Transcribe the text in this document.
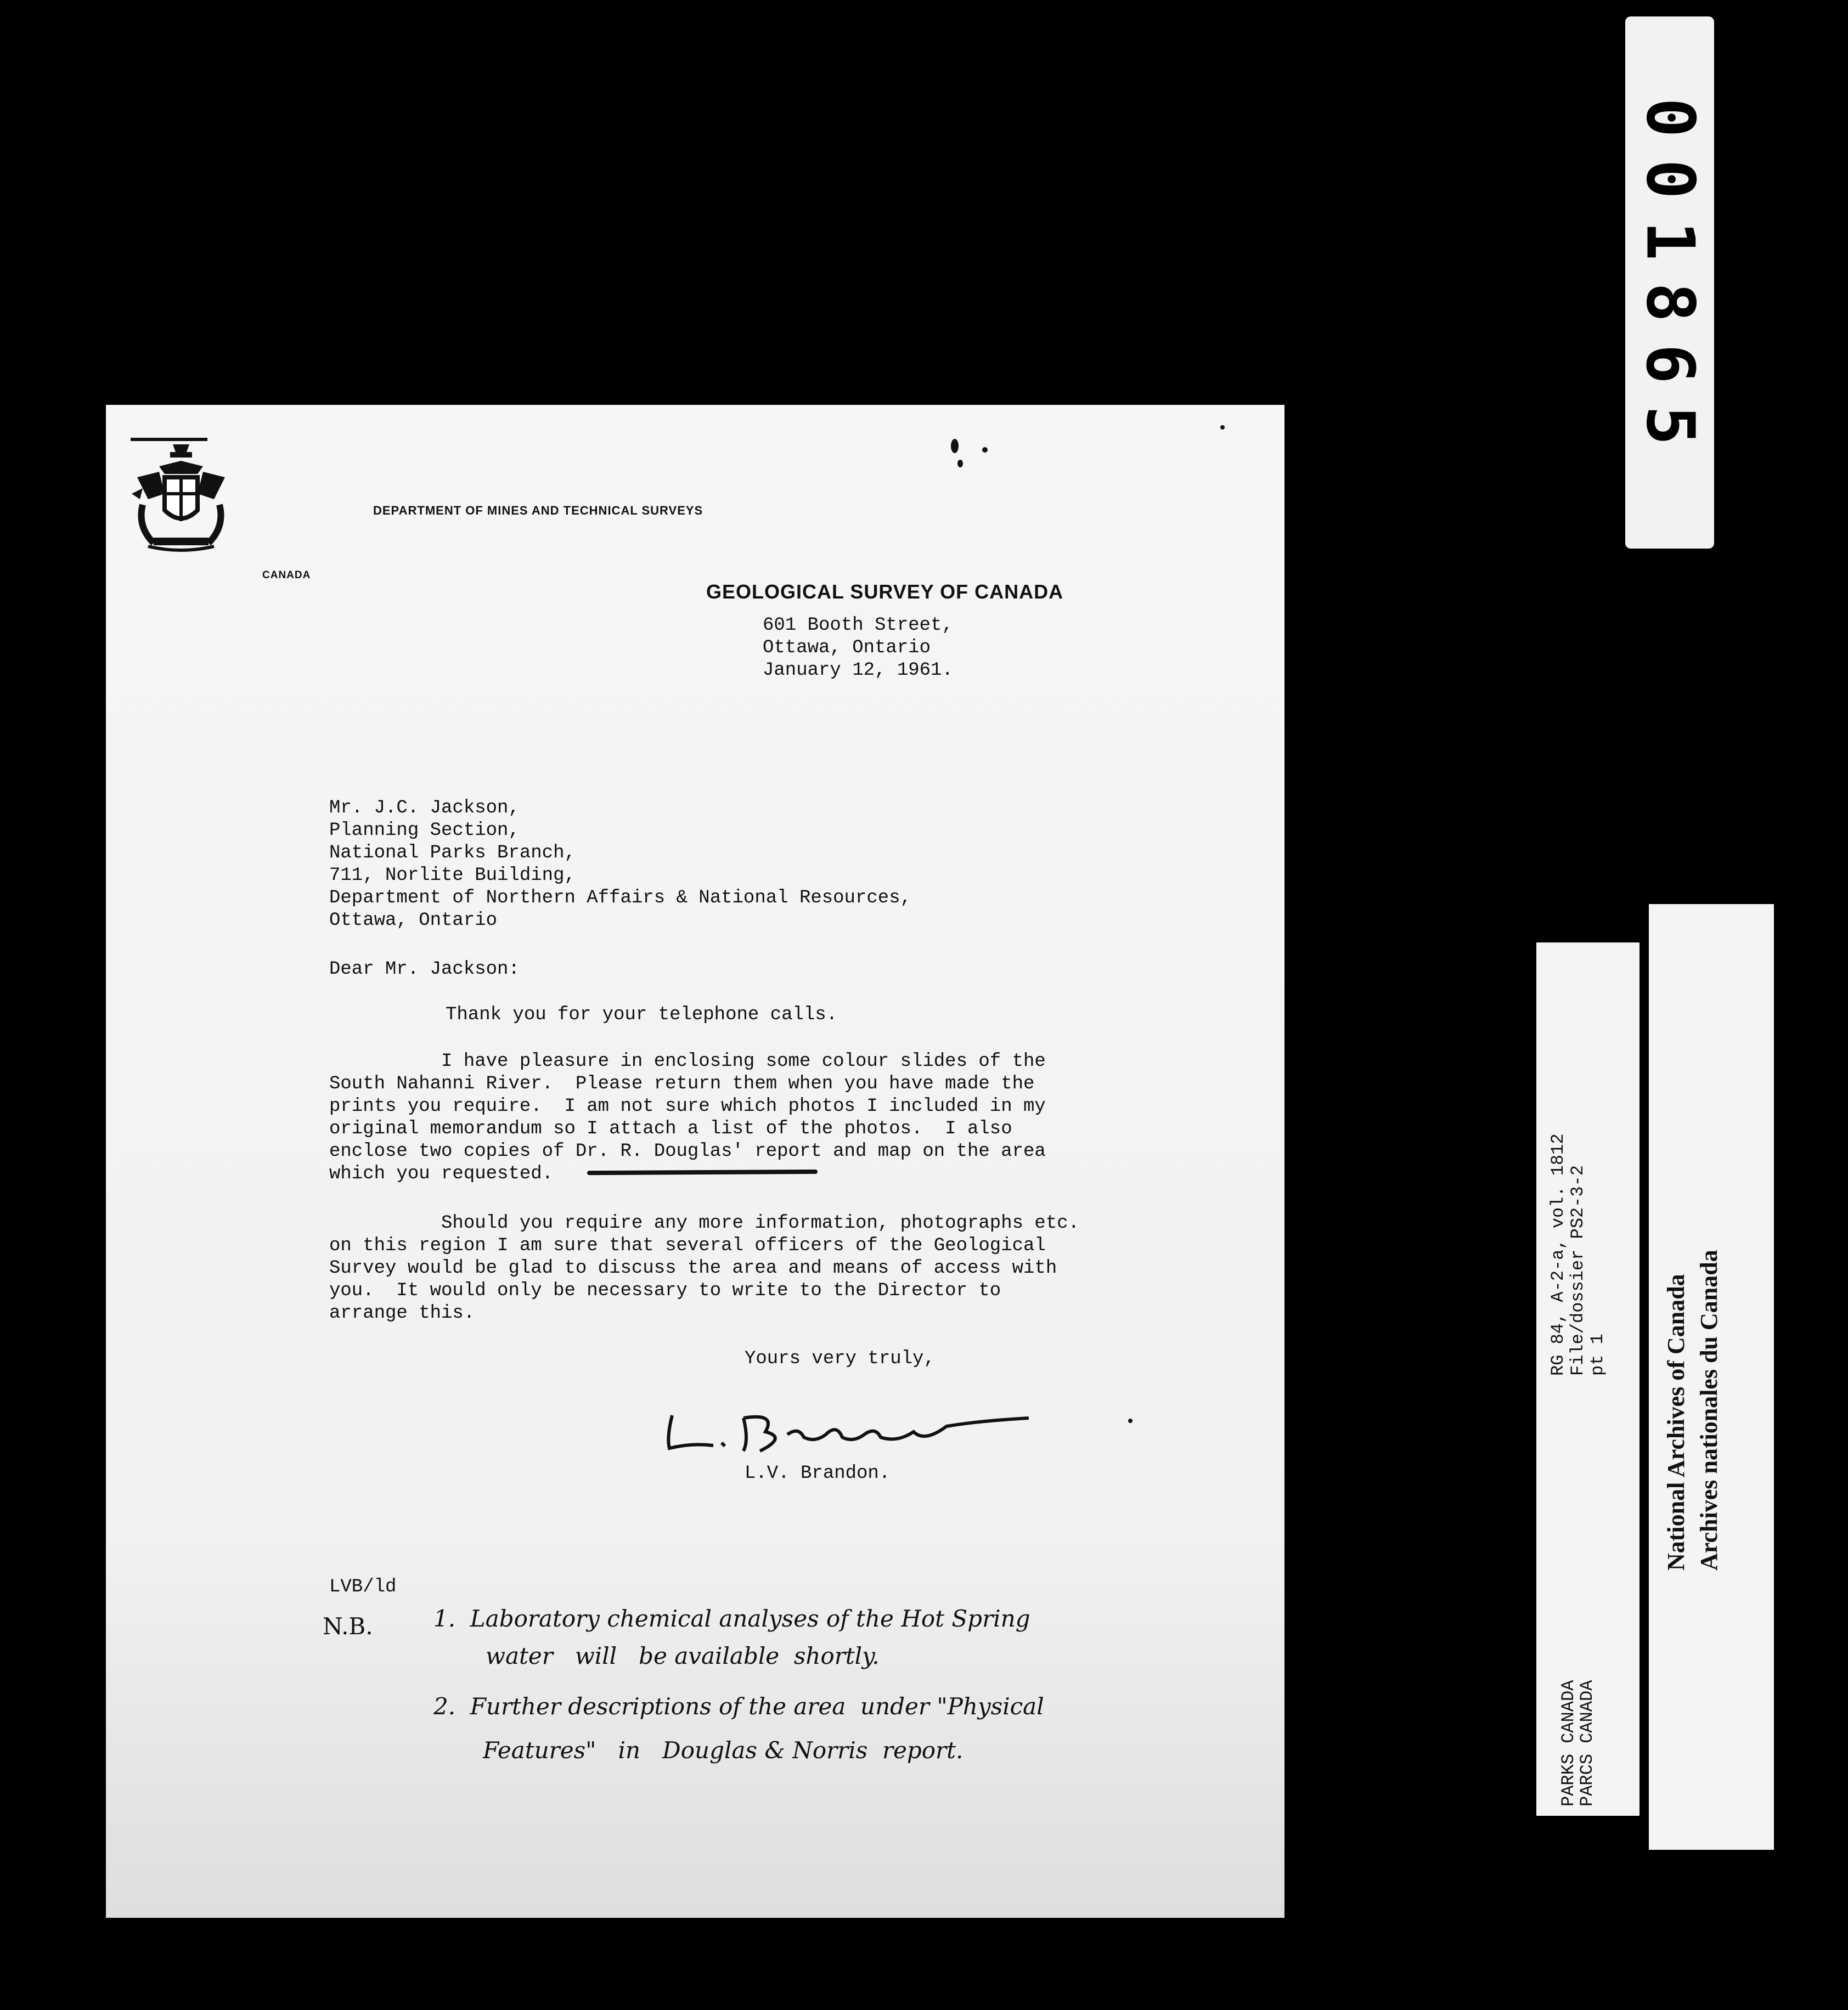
CANADA
DEPARTMENT OF MINES AND TECHNICAL SURVEYS
GEOLOGICAL SURVEY OF CANADA
601 Booth Street,
Ottawa, Ontario
January 12, 1961.
Mr. J.C. Jackson,
Planning Section,
National Parks Branch,
711, Norlite Building,
Department of Northern Affairs & National Resources,
Ottawa, Ontario
Dear Mr. Jackson:
Thank you for your telephone calls.
I have pleasure in enclosing some colour slides of the
South Nahanni River.  Please return them when you have made the
prints you require.  I am not sure which photos I included in my
original memorandum so I attach a list of the photos.  I also
enclose two copies of Dr. R. Douglas' report and map on the area
which you requested.
Should you require any more information, photographs etc.
on this region I am sure that several officers of the Geological
Survey would be glad to discuss the area and means of access with
you.  It would only be necessary to write to the Director to
arrange this.
Yours very truly,
L.V. Brandon.
LVB/ld
N.B.	1.  Laboratory chemical analyses of the Hot Spring
water   will   be available  shortly.
2.  Further descriptions of the area  under "Physical
Features"   in   Douglas & Norris  report.
001865
RG 84, A-2-a, vol. 1812 File/dossier PS2-3-2 pt 1
PARKS CANADA
PARCS CANADA
National Archives of Canada Archives nationales du Canada
